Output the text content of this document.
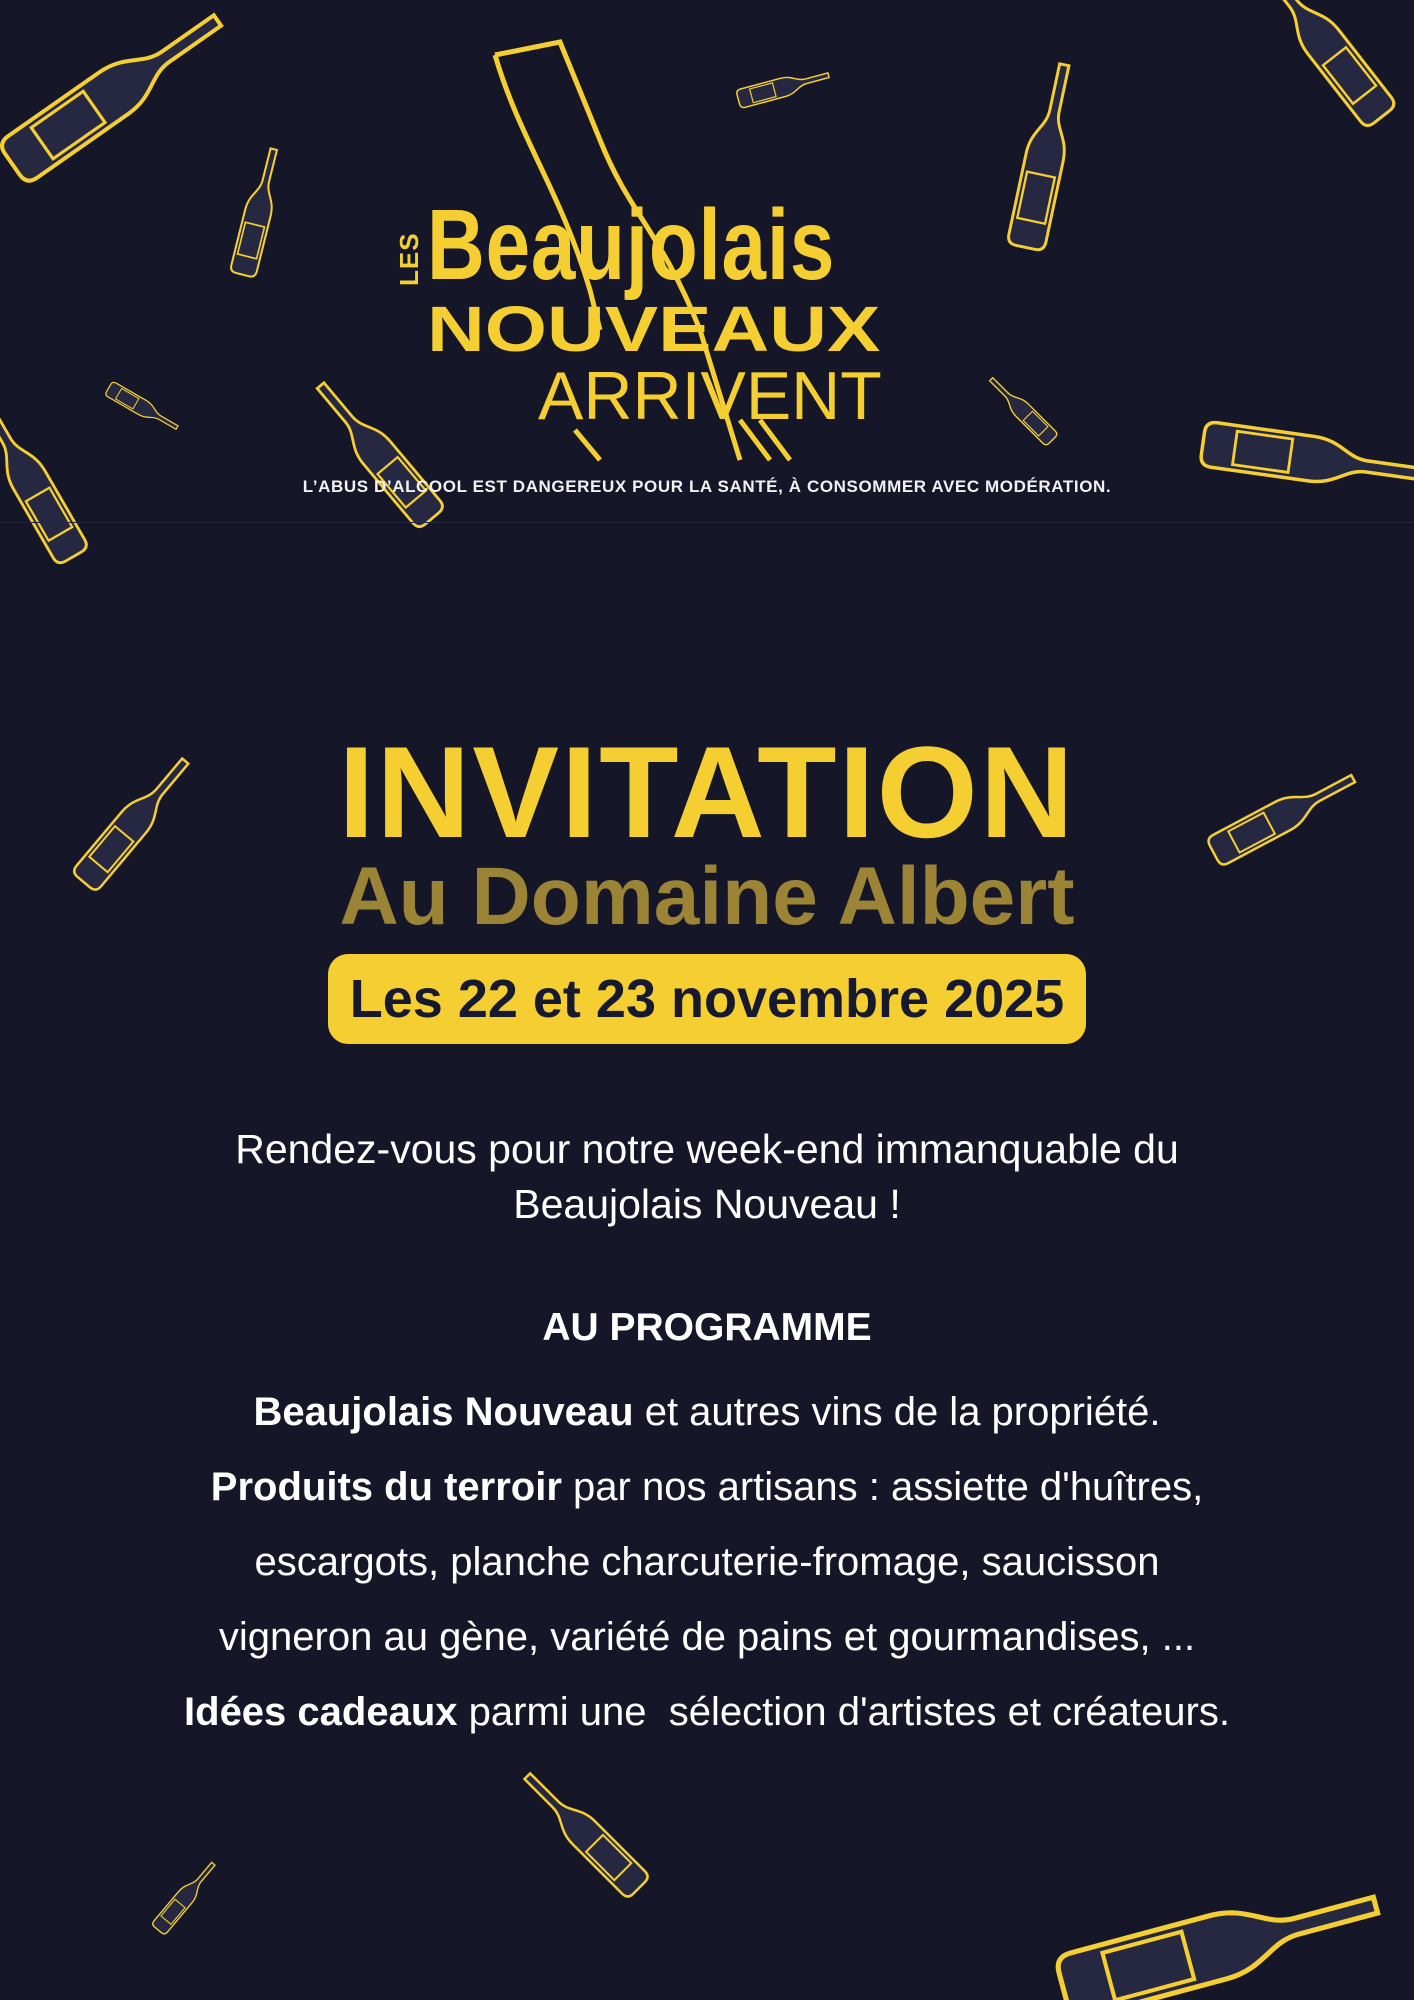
LES Beaujolais
NOUVEAUX
ARRIVENT
L’ABUS D’ALCOOL EST DANGEREUX POUR LA SANTÉ, À CONSOMMER AVEC MODÉRATION.
INVITATION
Au Domaine Albert
Les 22 et 23 novembre 2025
Rendez-vous pour notre week-end immanquable du
Beaujolais Nouveau !
AU PROGRAMME
Beaujolais Nouveau et autres vins de la propriété.
Produits du terroir par nos artisans : assiette d'huîtres,
escargots, planche charcuterie-fromage, saucisson
vigneron au gène, variété de pains et gourmandises, ...
Idées cadeaux parmi une  sélection d'artistes et créateurs.
